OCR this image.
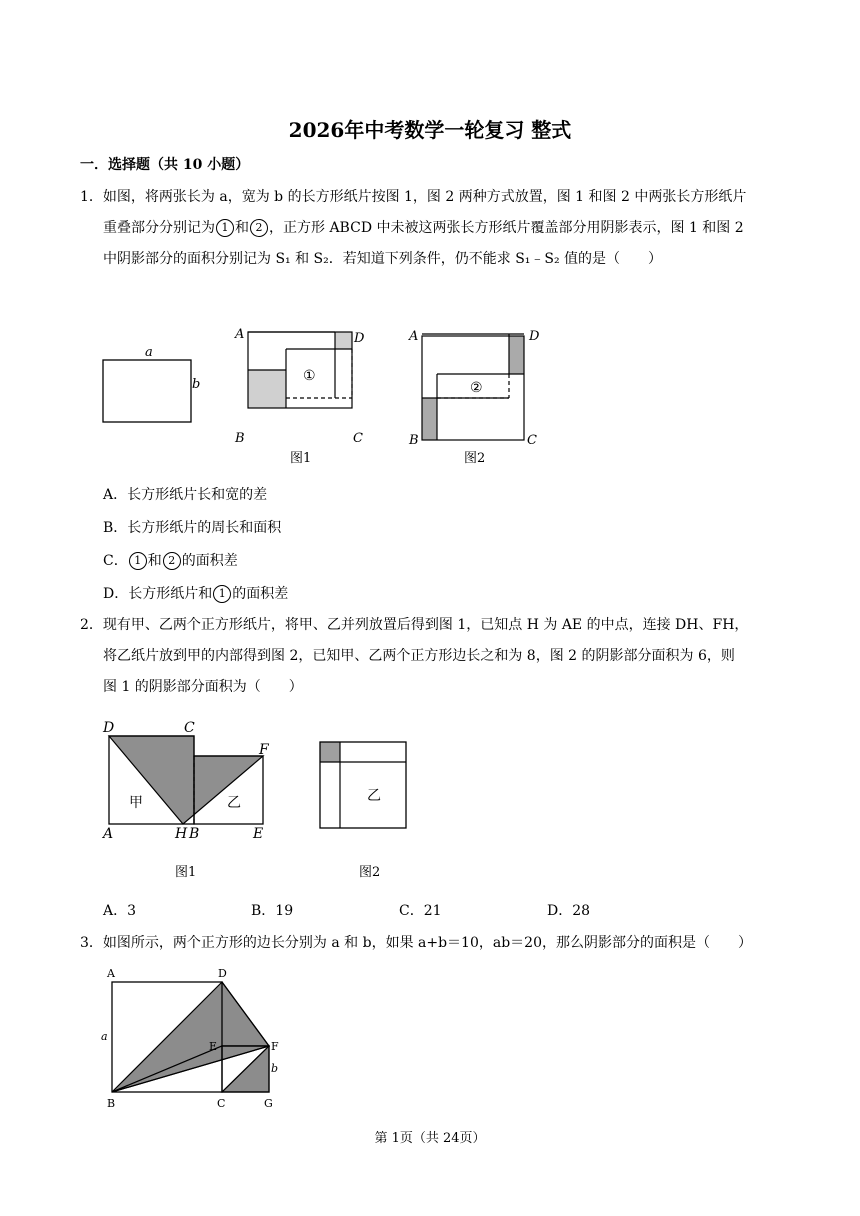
2026年中考数学一轮复习 整式
一．选择题（共 10 小题）
1．如图，将两张长为 a，宽为 b 的长方形纸片按图 1，图 2 两种方式放置，图 1 和图 2 中两张长方形纸片
重叠部分分别记为 1 和 2 ，正方形 ABCD 中未被这两张长方形纸片覆盖部分用阴影表示，图 1 和图 2
中阴影部分的面积分别记为 S₁ 和 S₂．若知道下列条件，仍不能求 S₁﹣S₂ 值的是（　　）
a
b
①
A
B	C
D
图1
②
A
B	C
D
图2
A．长方形纸片长和宽的差
B．长方形纸片的周长和面积
C． 1 和 2 的面积差
D．长方形纸片和 1 的面积差
2．现有甲、乙两个正方形纸片，将甲、乙并列放置后得到图 1，已知点 H 为 AE 的中点，连接 DH、FH，
将乙纸片放到甲的内部得到图 2，已知甲、乙两个正方形边长之和为 8，图 2 的阴影部分面积为 6，则
图 1 的阴影部分面积为（　　）
D	C
F
A	H B	E
甲	乙
图1
乙
图2
A．3	B．19	C．21	D．28
3．如图所示，两个正方形的边长分别为 a 和 b，如果 a+b＝10，ab＝20，那么阴影部分的面积是（　　）
A	D
E	F
B	C	G
a
b
第 1页（共 24页）
